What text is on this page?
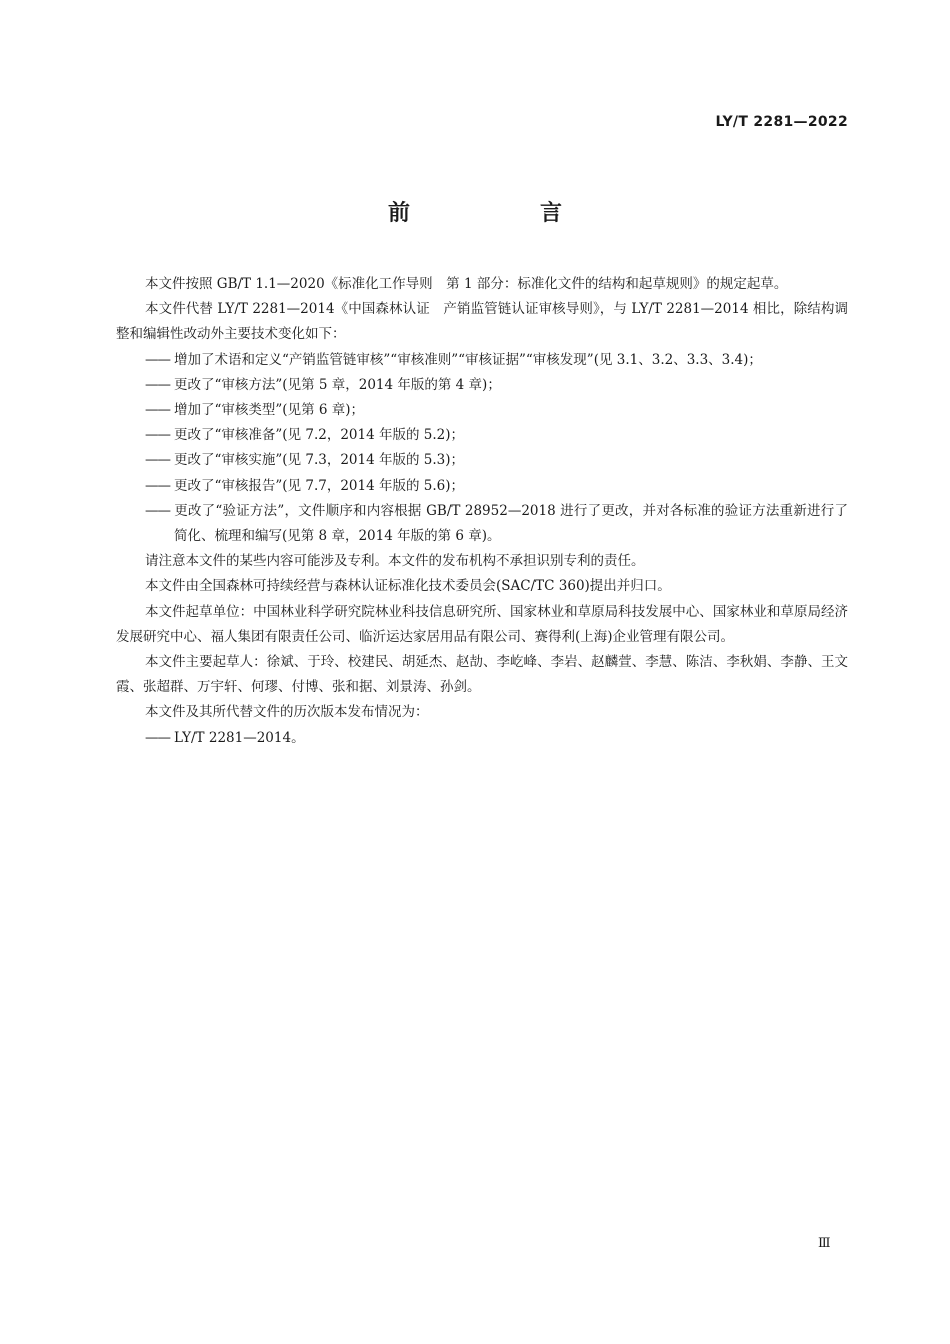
LY/T 2281—2022
前　言

本文件按照 GB/T 1.1—2020《标准化工作导则　第 1 部分：标准化文件的结构和起草规则》的规定起草。

本文件代替 LY/T 2281—2014《中国森林认证　产销监管链认证审核导则》，与 LY/T 2281—2014 相比，除结构调整和编辑性改动外主要技术变化如下：

—— 增加了术语和定义“产销监管链审核”“审核准则”“审核证据”“审核发现”(见 3.1、3.2、3.3、3.4)；

—— 更改了“审核方法”(见第 5 章，2014 年版的第 4 章)；

—— 增加了“审核类型”(见第 6 章)；

—— 更改了“审核准备”(见 7.2，2014 年版的 5.2)；

—— 更改了“审核实施”(见 7.3，2014 年版的 5.3)；

—— 更改了“审核报告”(见 7.7，2014 年版的 5.6)；

—— 更改了“验证方法”，文件顺序和内容根据 GB/T 28952—2018 进行了更改，并对各标准的验证方法重新进行了简化、梳理和编写(见第 8 章，2014 年版的第 6 章)。

请注意本文件的某些内容可能涉及专利。本文件的发布机构不承担识别专利的责任。

本文件由全国森林可持续经营与森林认证标准化技术委员会(SAC/TC 360)提出并归口。

本文件起草单位：中国林业科学研究院林业科技信息研究所、国家林业和草原局科技发展中心、国家林业和草原局经济发展研究中心、福人集团有限责任公司、临沂运达家居用品有限公司、赛得利(上海)企业管理有限公司。

本文件主要起草人：徐斌、于玲、校建民、胡延杰、赵劼、李屹峰、李岩、赵麟萱、李慧、陈洁、李秋娟、李静、王文霞、张超群、万宇轩、何璆、付博、张和据、刘景涛、孙剑。

本文件及其所代替文件的历次版本发布情况为：

—— LY/T 2281—2014。

Ⅲ
